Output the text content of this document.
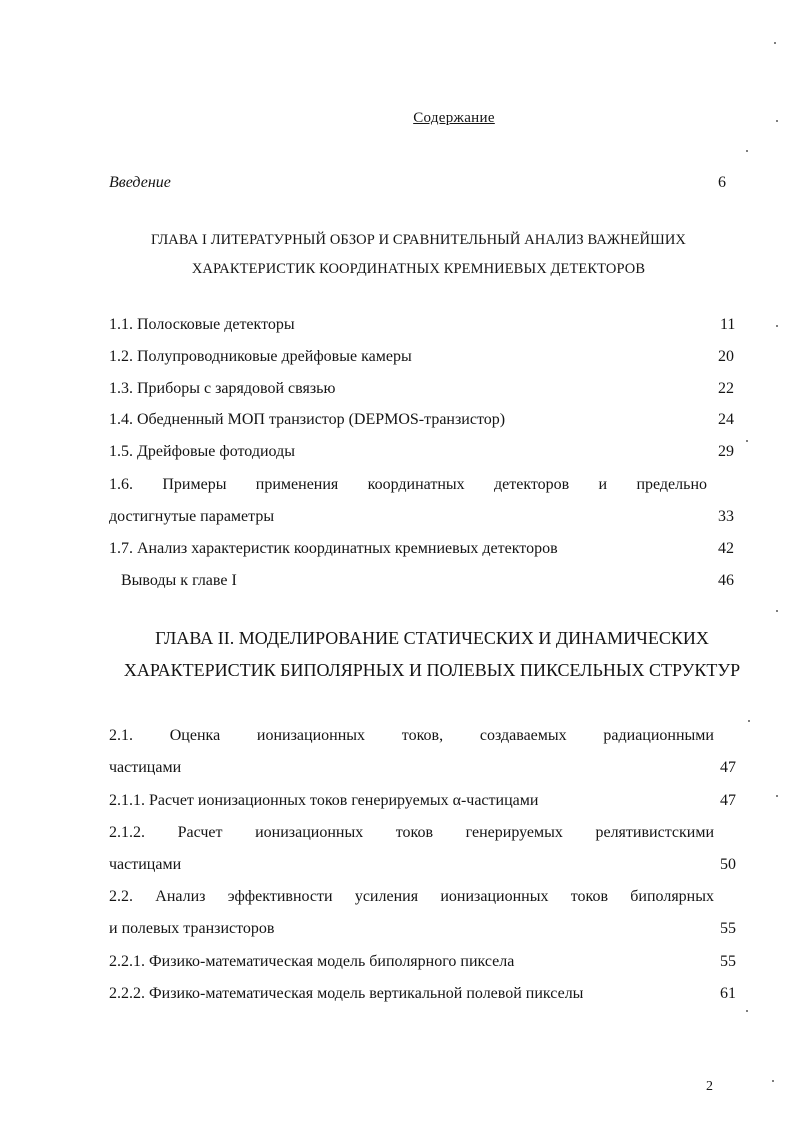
Содержание
Введение	6
ГЛАВА I ЛИТЕРАТУРНЫЙ ОБЗОР И СРАВНИТЕЛЬНЫЙ АНАЛИЗ ВАЖНЕЙШИХ
ХАРАКТЕРИСТИК КООРДИНАТНЫХ КРЕМНИЕВЫХ ДЕТЕКТОРОВ
1.1. Полосковые детекторы	11
1.2. Полупроводниковые дрейфовые камеры	20
1.3. Приборы с зарядовой связью	22
1.4. Обедненный МОП транзистор (DEPMOS-транзистор)	24
1.5. Дрейфовые фотодиоды	29
1.6. Примеры применения координатных детекторов и предельно
достигнутые параметры	33
1.7. Анализ характеристик координатных кремниевых детекторов	42
Выводы к главе I	46
ГЛАВА II. МОДЕЛИРОВАНИЕ СТАТИЧЕСКИХ И ДИНАМИЧЕСКИХ
ХАРАКТЕРИСТИК БИПОЛЯРНЫХ И ПОЛЕВЫХ ПИКСЕЛЬНЫХ СТРУКТУР
2.1. Оценка ионизационных токов, создаваемых радиационными
частицами	47
2.1.1. Расчет ионизационных токов генерируемых α-частицами	47
2.1.2. Расчет ионизационных токов генерируемых релятивистскими
частицами	50
2.2. Анализ эффективности усиления ионизационных токов биполярных
и полевых транзисторов	55
2.2.1. Физико-математическая модель биполярного пиксела	55
2.2.2. Физико-математическая модель вертикальной полевой пикселы	61
2
